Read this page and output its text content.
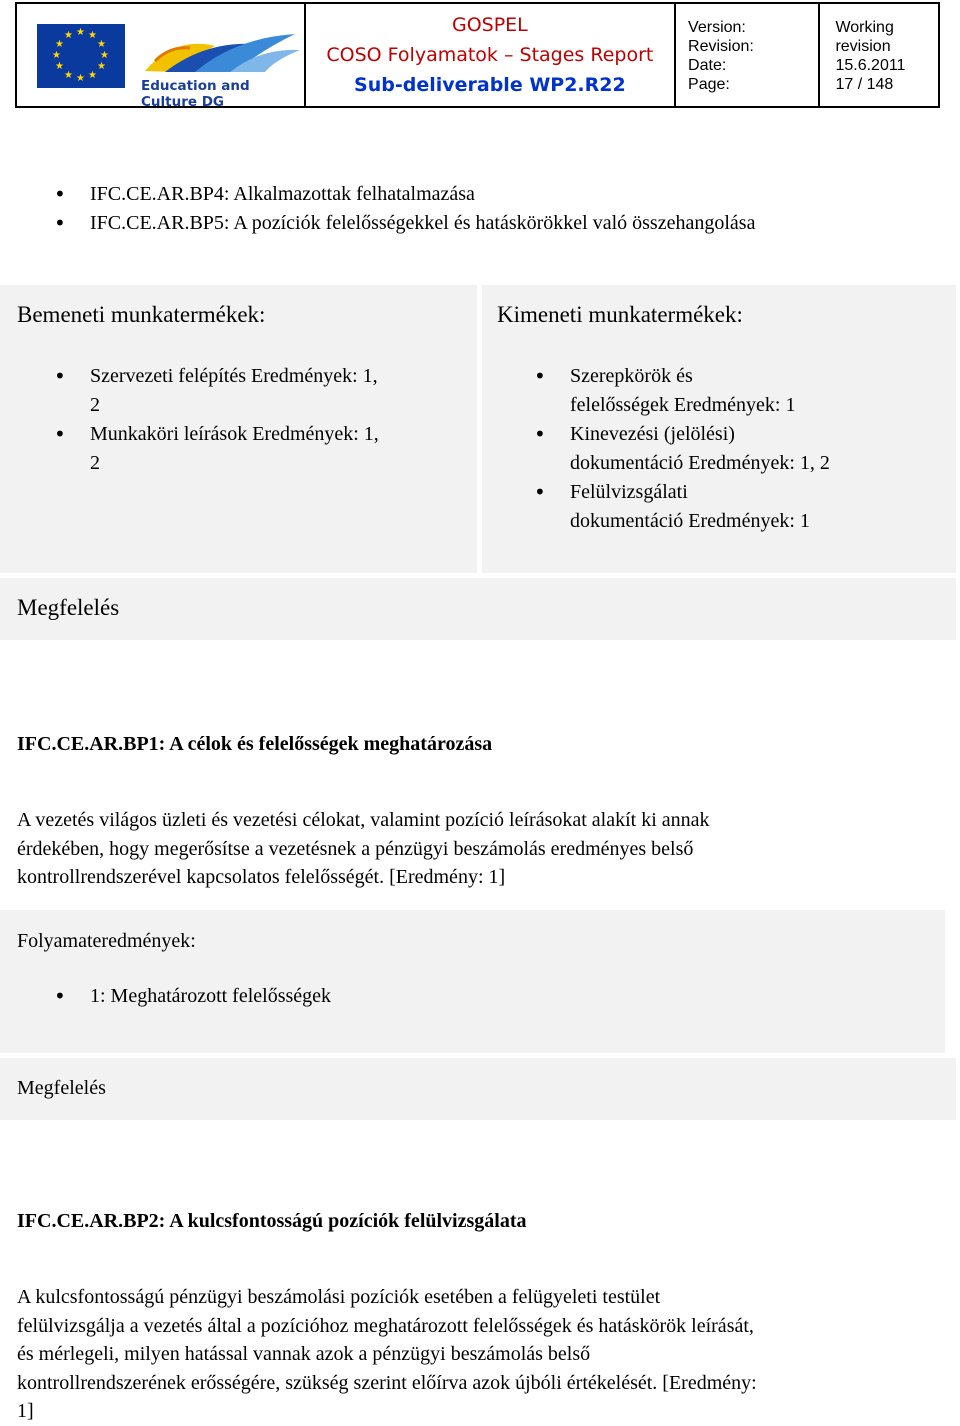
★ ★
★
★
★
★
★
★
★
★
★
★
Education and Culture DG
GOSPEL
COSO Folyamatok – Stages Report
Sub-deliverable WP2.R22
Version:
Revision:
Date:
Page:
Working
revision
15.6.2011
17 / 148
• IFC.CE.AR.BP4: Alkalmazottak felhatalmazása
• IFC.CE.AR.BP5: A pozíciók felelősségekkel és hatáskörökkel való összehangolása
Bemeneti munkatermékek:
• Szervezeti felépítés Eredmények: 1,
2
• Munkaköri leírások Eredmények: 1,
2
Kimeneti munkatermékek:
• Szerepkörök és
felelősségek Eredmények: 1
• Kinevezési (jelölési)
dokumentáció Eredmények: 1, 2
• Felülvizsgálati
dokumentáció Eredmények: 1
Megfelelés
IFC.CE.AR.BP1: A célok és felelősségek meghatározása
A vezetés világos üzleti és vezetési célokat, valamint pozíció leírásokat alakít ki annak
érdekében, hogy megerősítse a vezetésnek a pénzügyi beszámolás eredményes belső
kontrollrendszerével kapcsolatos felelősségét. [Eredmény: 1]
Folyamateredmények:
• 1: Meghatározott felelősségek
Megfelelés
IFC.CE.AR.BP2: A kulcsfontosságú pozíciók felülvizsgálata
A kulcsfontosságú pénzügyi beszámolási pozíciók esetében a felügyeleti testület
felülvizsgálja a vezetés által a pozícióhoz meghatározott felelősségek és hatáskörök leírását,
és mérlegeli, milyen hatással vannak azok a pénzügyi beszámolás belső
kontrollrendszerének erősségére, szükség szerint előírva azok újbóli értékelését. [Eredmény:
1]
